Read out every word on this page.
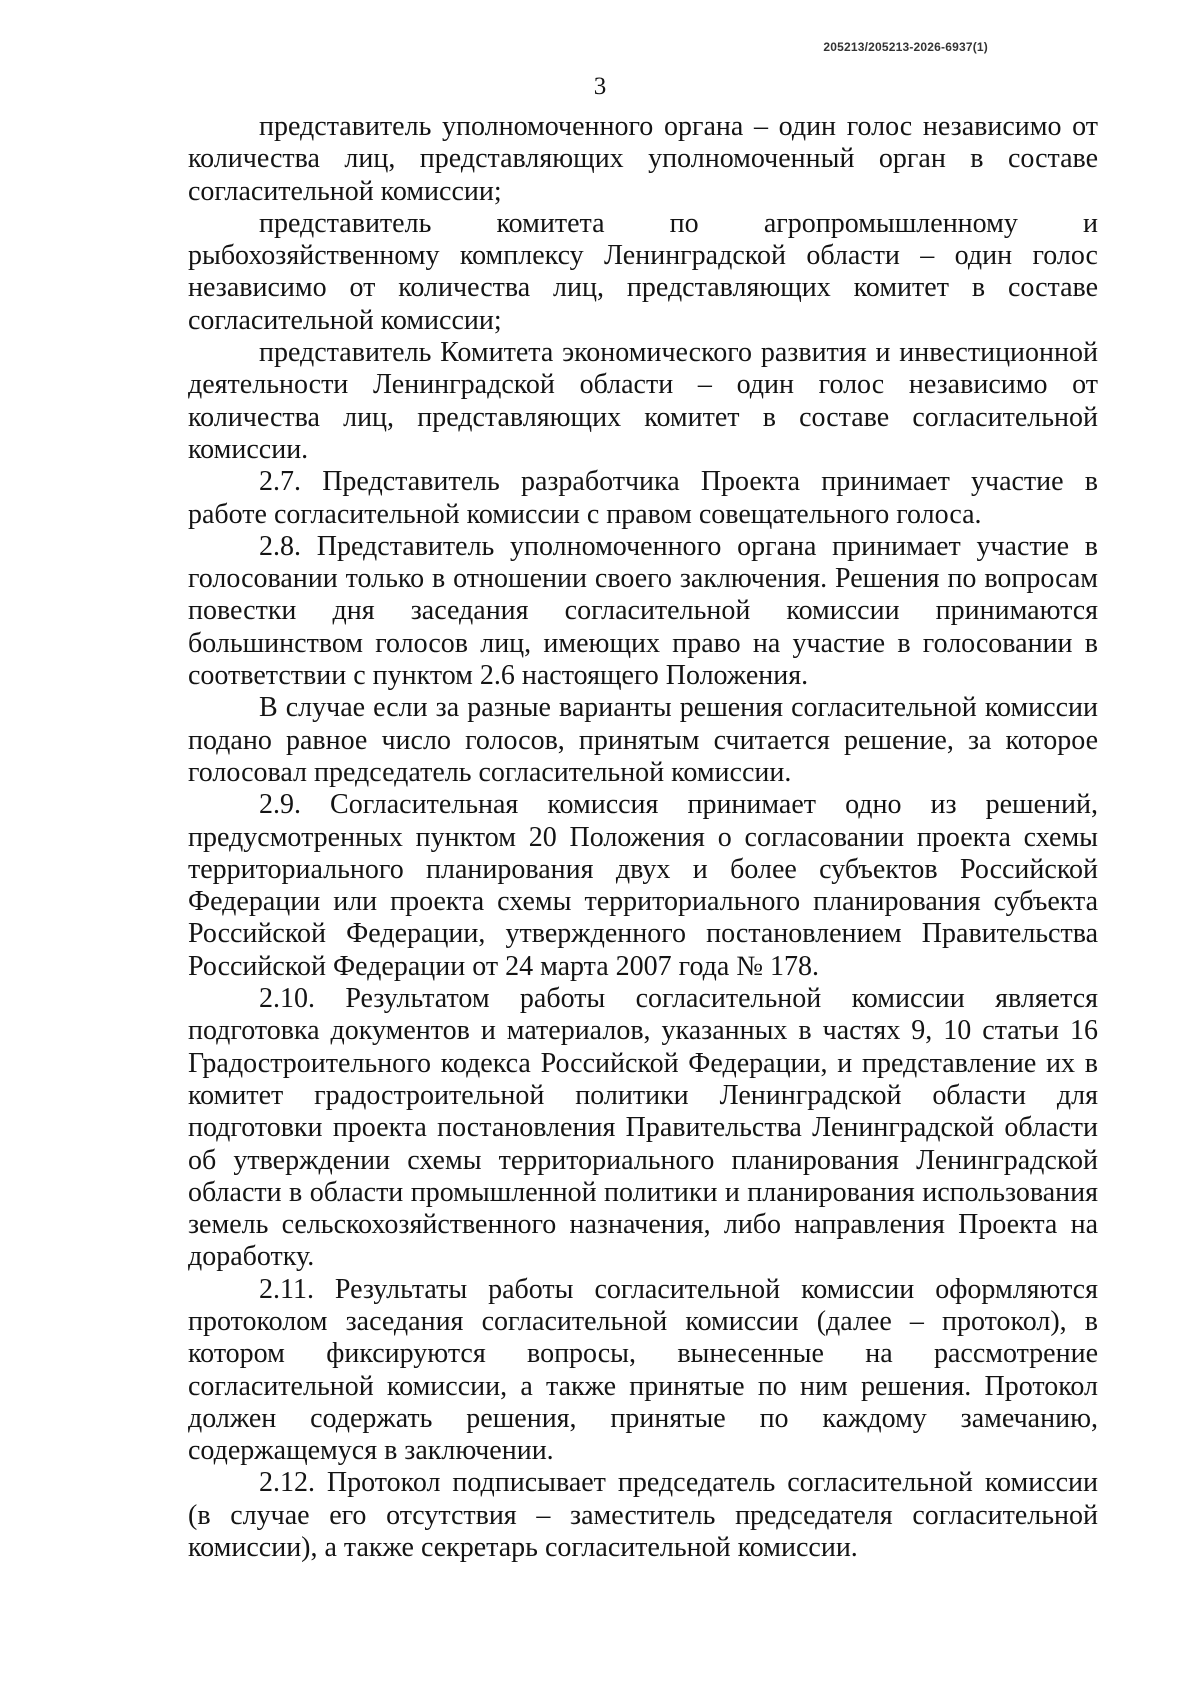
205213/205213-2026-6937(1)
3

представитель уполномоченного органа – один голос независимо от количества лиц, представляющих уполномоченный орган в составе согласительной комиссии;

представитель комитета по агропромышленному и рыбохозяйственному комплексу Ленинградской области – один голос независимо от количества лиц, представляющих комитет в составе согласительной комиссии;

представитель Комитета экономического развития и инвестиционной деятельности Ленинградской области – один голос независимо от количества лиц, представляющих комитет в составе согласительной комиссии.

2.7. Представитель разработчика Проекта принимает участие в работе согласительной комиссии с правом совещательного голоса.

2.8. Представитель уполномоченного органа принимает участие в голосовании только в отношении своего заключения. Решения по вопросам повестки дня заседания согласительной комиссии принимаются большинством голосов лиц, имеющих право на участие в голосовании в соответствии с пунктом 2.6 настоящего Положения.

В случае если за разные варианты решения согласительной комиссии подано равное число голосов, принятым считается решение, за которое голосовал председатель согласительной комиссии.

2.9. Согласительная комиссия принимает одно из решений, предусмотренных пунктом 20 Положения о согласовании проекта схемы территориального планирования двух и более субъектов Российской Федерации или проекта схемы территориального планирования субъекта Российской Федерации, утвержденного постановлением Правительства Российской Федерации от 24 марта 2007 года № 178.

2.10. Результатом работы согласительной комиссии является подготовка документов и материалов, указанных в частях 9, 10 статьи 16 Градостроительного кодекса Российской Федерации, и представление их в комитет градостроительной политики Ленинградской области для подготовки проекта постановления Правительства Ленинградской области об утверждении схемы территориального планирования Ленинградской области в области промышленной политики и планирования использования земель сельскохозяйственного назначения, либо направления Проекта на доработку.

2.11. Результаты работы согласительной комиссии оформляются протоколом заседания согласительной комиссии (далее – протокол), в котором фиксируются вопросы, вынесенные на рассмотрение согласительной комиссии, а также принятые по ним решения. Протокол должен содержать решения, принятые по каждому замечанию, содержащемуся в заключении.

2.12. Протокол подписывает председатель согласительной комиссии (в случае его отсутствия – заместитель председателя согласительной комиссии), а также секретарь согласительной комиссии.
